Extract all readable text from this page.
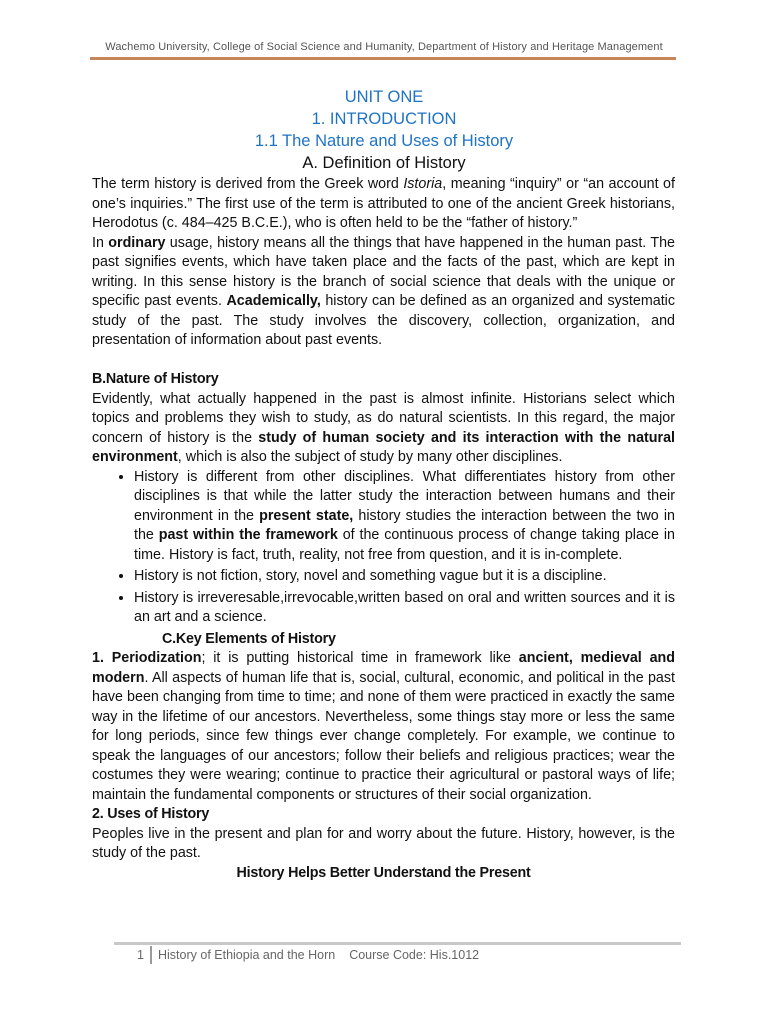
Wachemo University, College of Social Science and Humanity, Department of History and Heritage Management
UNIT ONE
1. INTRODUCTION
1.1 The Nature and Uses of History
A. Definition of History

The term history is derived from the Greek word Istoria, meaning “inquiry” or “an account of one’s inquiries.” The first use of the term is attributed to one of the ancient Greek historians, Herodotus (c. 484–425 B.C.E.), who is often held to be the “father of history.”

In ordinary usage, history means all the things that have happened in the human past. The past signifies events, which have taken place and the facts of the past, which are kept in writing. In this sense history is the branch of social science that deals with the unique or specific past events. Academically, history can be defined as an organized and systematic study of the past. The study involves the discovery, collection, organization, and presentation of information about past events.

B.Nature of History

Evidently, what actually happened in the past is almost infinite. Historians select which topics and problems they wish to study, as do natural scientists. In this regard, the major concern of history is the study of human society and its interaction with the natural environment, which is also the subject of study by many other disciplines.

• History is different from other disciplines. What differentiates history from other disciplines is that while the latter study the interaction between humans and their environment in the present state, history studies the interaction between the two in the past within the framework of the continuous process of change taking place in time. History is fact, truth, reality, not free from question, and it is in-complete.
• History is not fiction, story, novel and something vague but it is a discipline.
• History is irreveresable,irrevocable,written based on oral and written sources and it is an art and a science.

C.Key Elements of History

1. Periodization; it is putting historical time in framework like ancient, medieval and modern. All aspects of human life that is, social, cultural, economic, and political in the past have been changing from time to time; and none of them were practiced in exactly the same way in the lifetime of our ancestors. Nevertheless, some things stay more or less the same for long periods, since few things ever change completely. For example, we continue to speak the languages of our ancestors; follow their beliefs and religious practices; wear the costumes they were wearing; continue to practice their agricultural or pastoral ways of life; maintain the fundamental components or structures of their social organization.

2. Uses of History

Peoples live in the present and plan for and worry about the future. History, however, is the study of the past.

History Helps Better Understand the Present

1	History of Ethiopia and the Horn Course Code: His.1012
